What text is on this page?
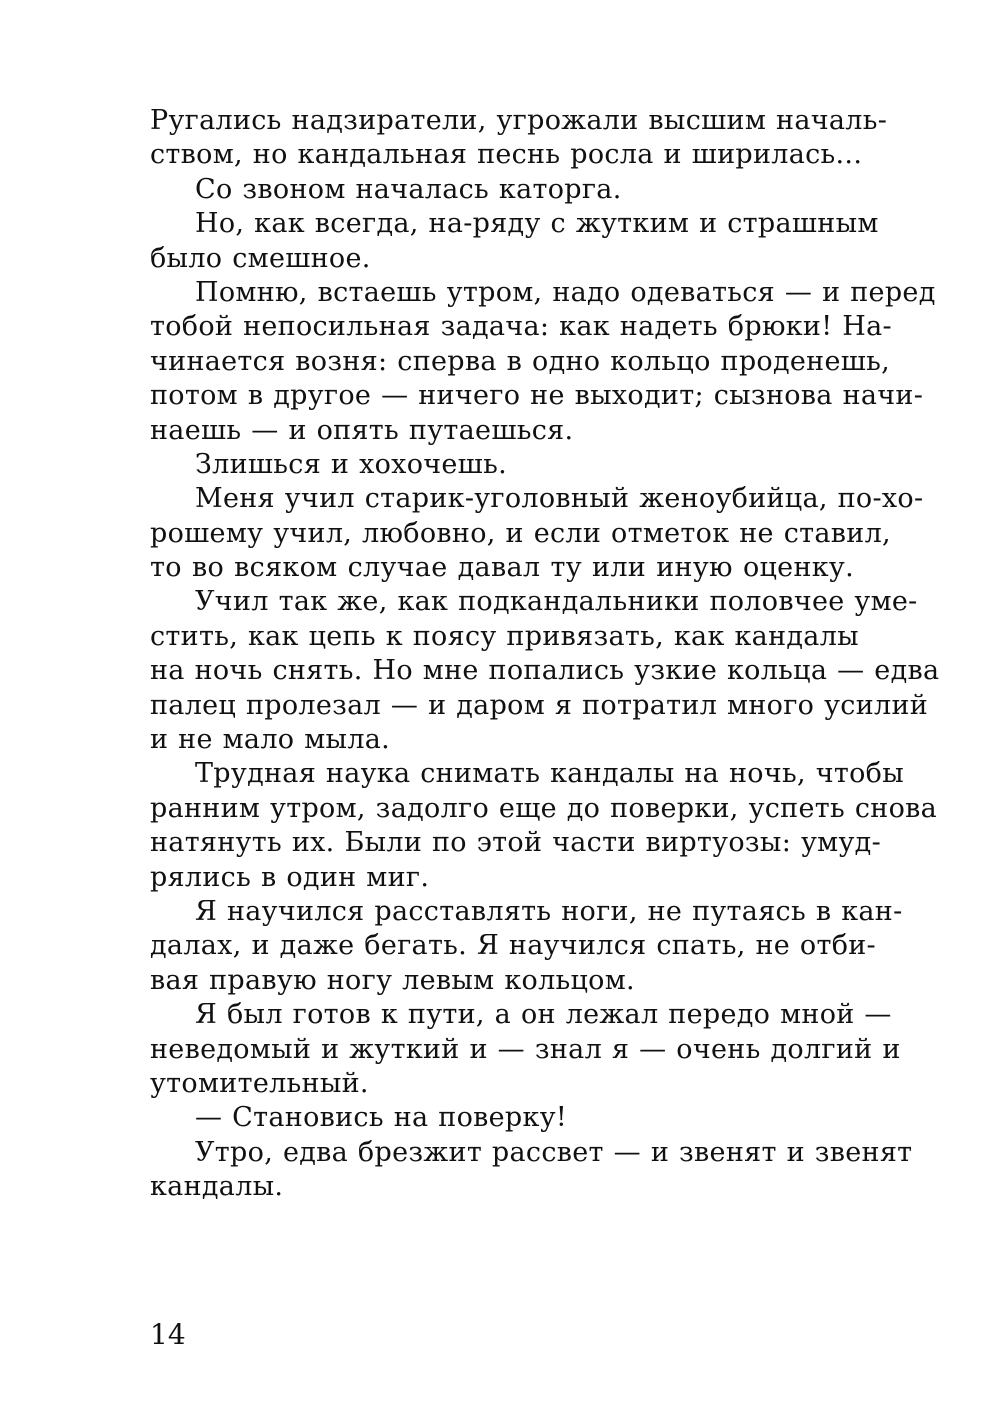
Ругались надзиратели, угрожали высшим началь-
ством, но кандальная песнь росла и ширилась...
Со звоном началась каторга.
Но, как всегда, на-ряду с жутким и страшным
было смешное.
Помню, встаешь утром, надо одеваться — и перед
тобой непосильная задача: как надеть брюки! На-
чинается возня: сперва в одно кольцо проденешь,
потом в другое — ничего не выходит; сызнова начи-
наешь — и опять путаешься.
Злишься и хохочешь.
Меня учил старик-уголовный женоубийца, по-хо-
рошему учил, любовно, и если отметок не ставил,
то во всяком случае давал ту или иную оценку.
Учил так же, как подкандальники половчее уме-
стить, как цепь к поясу привязать, как кандалы
на ночь снять. Но мне попались узкие кольца — едва
палец пролезал — и даром я потратил много усилий
и не мало мыла.
Трудная наука снимать кандалы на ночь, чтобы
ранним утром, задолго еще до поверки, успеть снова
натянуть их. Были по этой части виртуозы: умуд-
рялись в один миг.
Я научился расставлять ноги, не путаясь в кан-
далах, и даже бегать. Я научился спать, не отби-
вая правую ногу левым кольцом.
Я был готов к пути, а он лежал передо мной —
неведомый и жуткий и — знал я — очень долгий и
утомительный.
— Становись на поверку!
Утро, едва брезжит рассвет — и звенят и звенят
кандалы.
14
